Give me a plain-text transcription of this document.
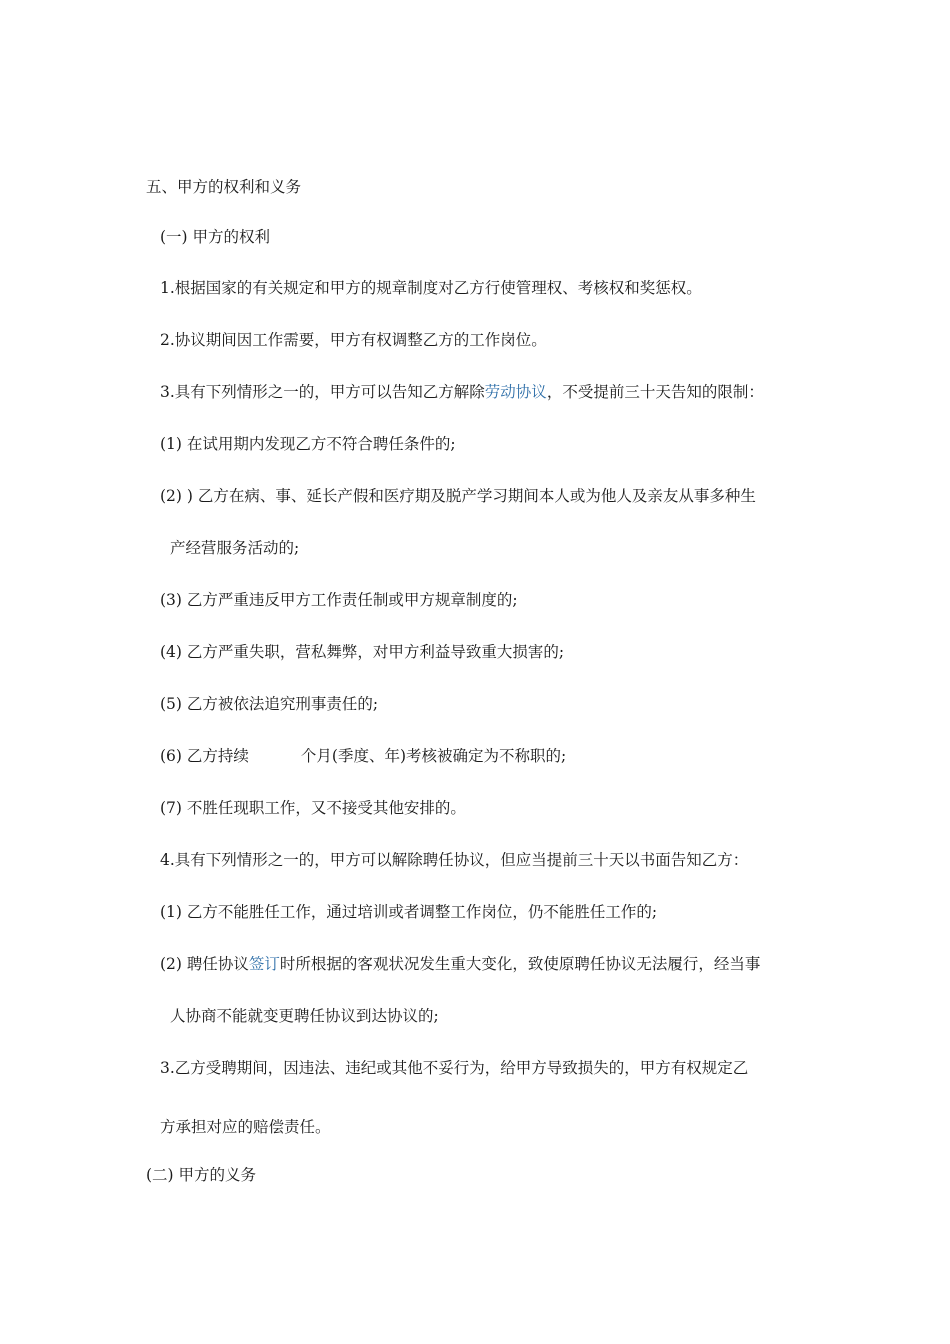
五、甲方的权利和义务
(一) 甲方的权利
1.根据国家的有关规定和甲方的规章制度对乙方行使管理权、考核权和奖惩权。
2.协议期间因工作需要，甲方有权调整乙方的工作岗位。
3.具有下列情形之一的，甲方可以告知乙方解除劳动协议，不受提前三十天告知的限制：
(1) 在试用期内发现乙方不符合聘任条件的;
(2) ) 乙方在病、事、延长产假和医疗期及脱产学习期间本人或为他人及亲友从事多种生
产经营服务活动的;
(3) 乙方严重违反甲方工作责任制或甲方规章制度的;
(4) 乙方严重失职，营私舞弊，对甲方利益导致重大损害的;
(5) 乙方被依法追究刑事责任的;
(6) 乙方持续	个月(季度、年)考核被确定为不称职的;
(7) 不胜任现职工作，又不接受其他安排的。
4.具有下列情形之一的，甲方可以解除聘任协议，但应当提前三十天以书面告知乙方：
(1) 乙方不能胜任工作，通过培训或者调整工作岗位，仍不能胜任工作的;
(2) 聘任协议签订时所根据的客观状况发生重大变化，致使原聘任协议无法履行，经当事
人协商不能就变更聘任协议到达协议的;
3.乙方受聘期间，因违法、违纪或其他不妥行为，给甲方导致损失的，甲方有权规定乙
方承担对应的赔偿责任。
(二) 甲方的义务
